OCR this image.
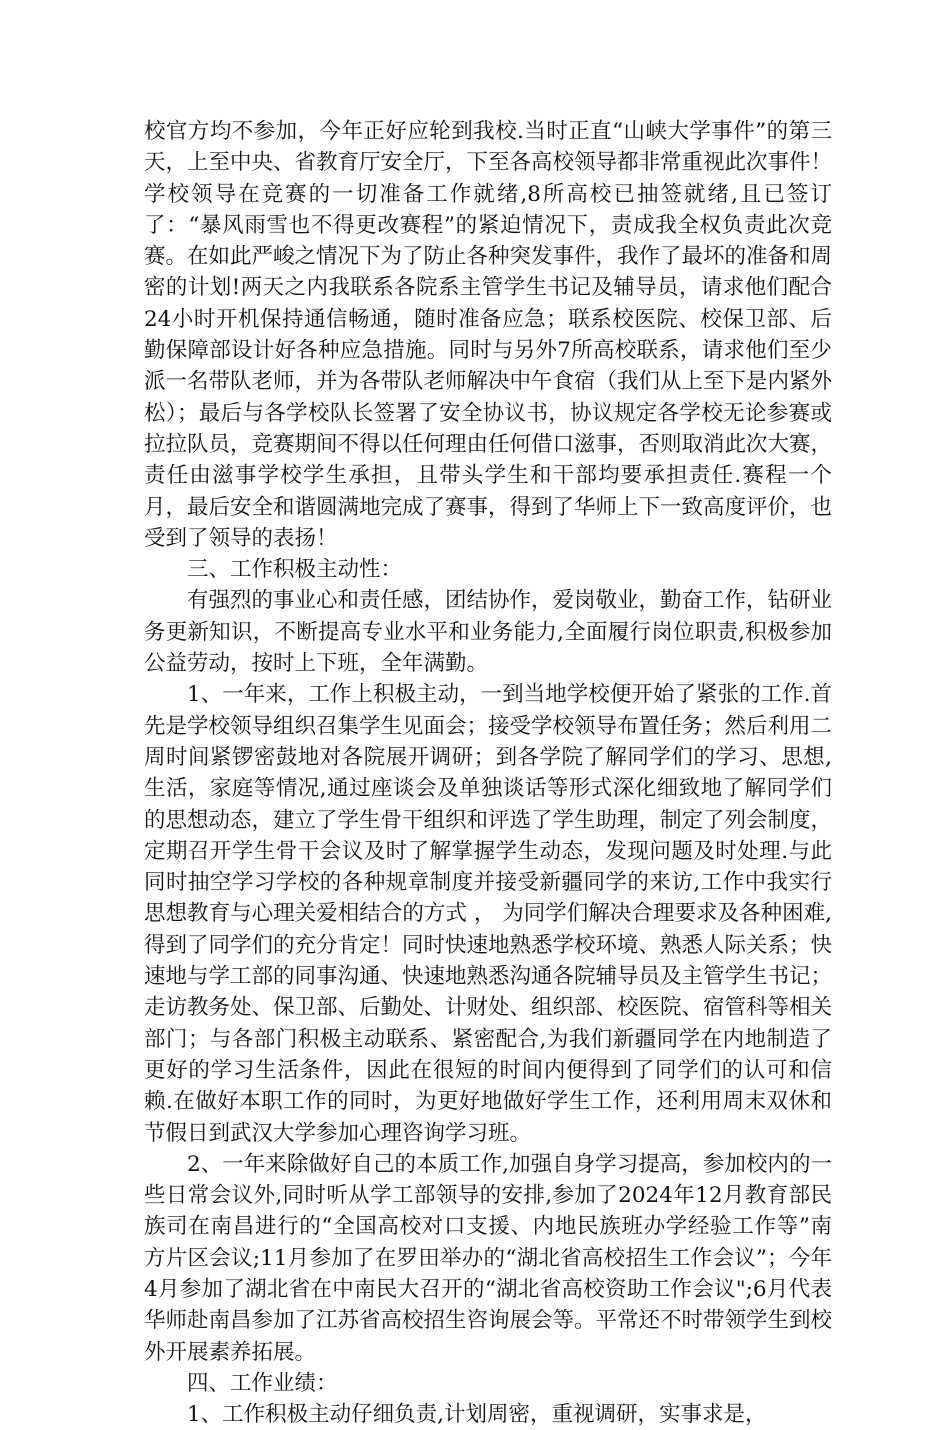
校官方均不参加，今年正好应轮到我校.当时正直“山峡大学事件”的第三天，上至中央、省教育厅安全厅，下至各高校领导都非常重视此次事件！学校领导在竞赛的一切准备工作就绪,8所高校已抽签就绪,且已签订了：“暴风雨雪也不得更改赛程”的紧迫情况下，责成我全权负责此次竞赛。在如此严峻之情况下为了防止各种突发事件，我作了最坏的准备和周密的计划!两天之内我联系各院系主管学生书记及辅导员，请求他们配合24小时开机保持通信畅通，随时准备应急；联系校医院、校保卫部、后勤保障部设计好各种应急措施。同时与另外7所高校联系，请求他们至少派一名带队老师，并为各带队老师解决中午食宿（我们从上至下是内紧外松）；最后与各学校队长签署了安全协议书，协议规定各学校无论参赛或拉拉队员，竞赛期间不得以任何理由任何借口滋事，否则取消此次大赛，责任由滋事学校学生承担，且带头学生和干部均要承担责任.赛程一个月，最后安全和谐圆满地完成了赛事，得到了华师上下一致高度评价，也受到了领导的表扬！

三、工作积极主动性：

有强烈的事业心和责任感，团结协作，爱岗敬业，勤奋工作，钻研业务更新知识，不断提高专业水平和业务能力,全面履行岗位职责,积极参加公益劳动，按时上下班，全年满勤。

1、一年来，工作上积极主动，一到当地学校便开始了紧张的工作.首先是学校领导组织召集学生见面会；接受学校领导布置任务；然后利用二周时间紧锣密鼓地对各院展开调研；到各学院了解同学们的学习、思想,生活，家庭等情况,通过座谈会及单独谈话等形式深化细致地了解同学们的思想动态，建立了学生骨干组织和评选了学生助理，制定了列会制度，定期召开学生骨干会议及时了解掌握学生动态，发现问题及时处理.与此同时抽空学习学校的各种规章制度并接受新疆同学的来访,工作中我实行思想教育与心理关爱相结合的方式 ， 为同学们解决合理要求及各种困难,得到了同学们的充分肯定！同时快速地熟悉学校环境、熟悉人际关系；快速地与学工部的同事沟通、快速地熟悉沟通各院辅导员及主管学生书记；走访教务处、保卫部、后勤处、计财处、组织部、校医院、宿管科等相关部门；与各部门积极主动联系、紧密配合,为我们新疆同学在内地制造了更好的学习生活条件，因此在很短的时间内便得到了同学们的认可和信赖.在做好本职工作的同时，为更好地做好学生工作，还利用周末双休和节假日到武汉大学参加心理咨询学习班。

2、一年来除做好自己的本质工作,加强自身学习提高，参加校内的一些日常会议外,同时听从学工部领导的安排,参加了2024年12月教育部民族司在南昌进行的“全国高校对口支援、内地民族班办学经验工作等”南方片区会议;11月参加了在罗田举办的“湖北省高校招生工作会议”；今年4月参加了湖北省在中南民大召开的“湖北省高校资助工作会议";6月代表华师赴南昌参加了江苏省高校招生咨询展会等。平常还不时带领学生到校外开展素养拓展。

四、工作业绩：

1、工作积极主动仔细负责,计划周密，重视调研，实事求是，
